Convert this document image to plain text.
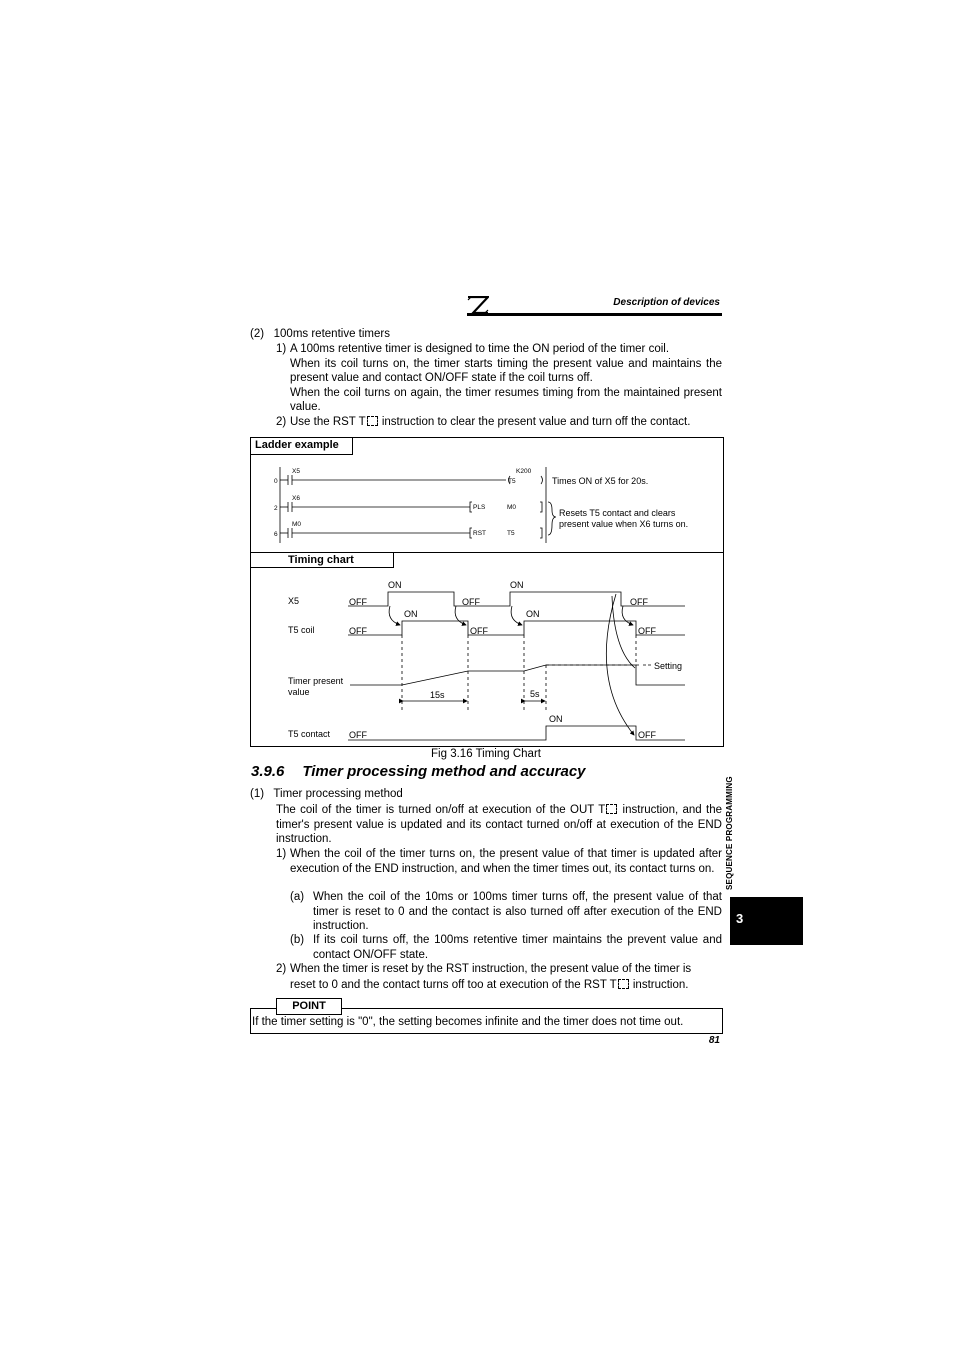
Description of devices
(2)   100ms retentive timers
1) A 100ms retentive timer is designed to time the ON period of the timer coil.
When its coil turns on, the timer starts timing the present value and maintains the present value and contact ON/OFF state if the coil turns off.
When the coil turns on again, the timer resumes timing from the maintained present value.
2) Use the RST T instruction to clear the present value and turn off the contact.
Ladder example
Timing chart
X5
X6
M0
0
2
6
K200
T5
PLS	M0
RST	T5
Times ON of X5 for 20s.
Resets T5 contact and clears
present value when X6 turns on.
X5
T5 coil
Timer present
value
T5 contact
ON	ON
OFF	OFF	OFF
ON	ON
OFF	OFF	OFF
Setting
15s	5s
ON
OFF	OFF
Fig 3.16 Timing Chart
3.9.6 Timer processing method and accuracy
(1)   Timer processing method
The coil of the timer is turned on/off at execution of the OUT T instruction, and the timer's present value is updated and its contact turned on/off at execution of the END instruction.
1) When the coil of the timer turns on, the present value of that timer is updated after execution of the END instruction, and when the timer times out, its contact turns on.
(a) When the coil of the 10ms or 100ms timer turns off, the present value of that timer is reset to 0 and the contact is also turned off after execution of the END instruction.
(b) If its coil turns off, the 100ms retentive timer maintains the prevent value and contact ON/OFF state.
2) When the timer is reset by the RST instruction, the present value of the timer is
reset to 0 and the contact turns off too at execution of the RST T instruction.
POINT
If the timer setting is "0", the setting becomes infinite and the timer does not time out.
81
SEQUENCE PROGRAMMING
3
